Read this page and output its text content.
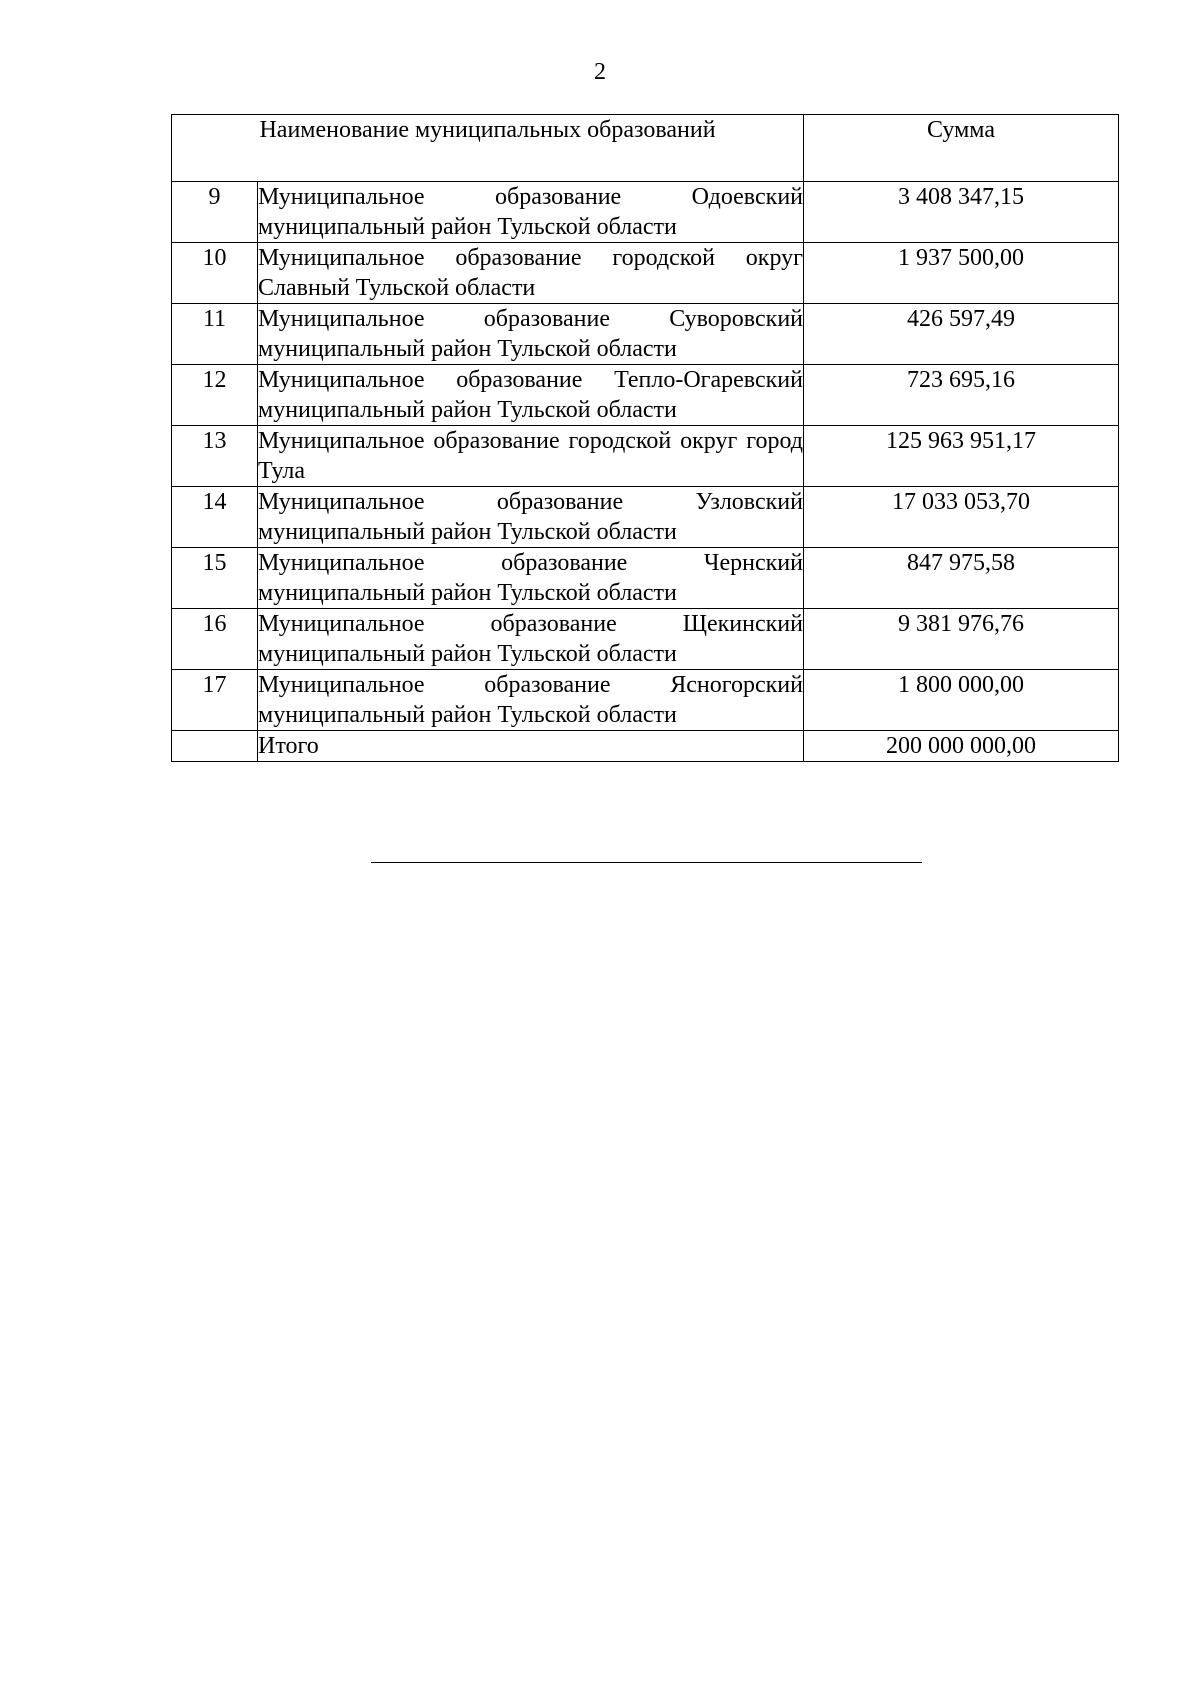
2
Наименование муниципальных образований		Сумма
9	Муниципальное образование Одоевский муниципальный район Тульской области	3 408 347,15
10	Муниципальное образование городской округ Славный Тульской области	1 937 500,00
11	Муниципальное образование Суворовский муниципальный район Тульской области	426 597,49
12	Муниципальное образование Тепло-Огаревский муниципальный район Тульской области	723 695,16
13	Муниципальное образование городской округ город Тула	125 963 951,17
14	Муниципальное образование Узловский муниципальный район Тульской области	17 033 053,70
15	Муниципальное образование Чернский муниципальный район Тульской области	847 975,58
16	Муниципальное образование Щекинский муниципальный район Тульской области	9 381 976,76
17	Муниципальное образование Ясногорский муниципальный район Тульской области	1 800 000,00
	Итого	200 000 000,00
